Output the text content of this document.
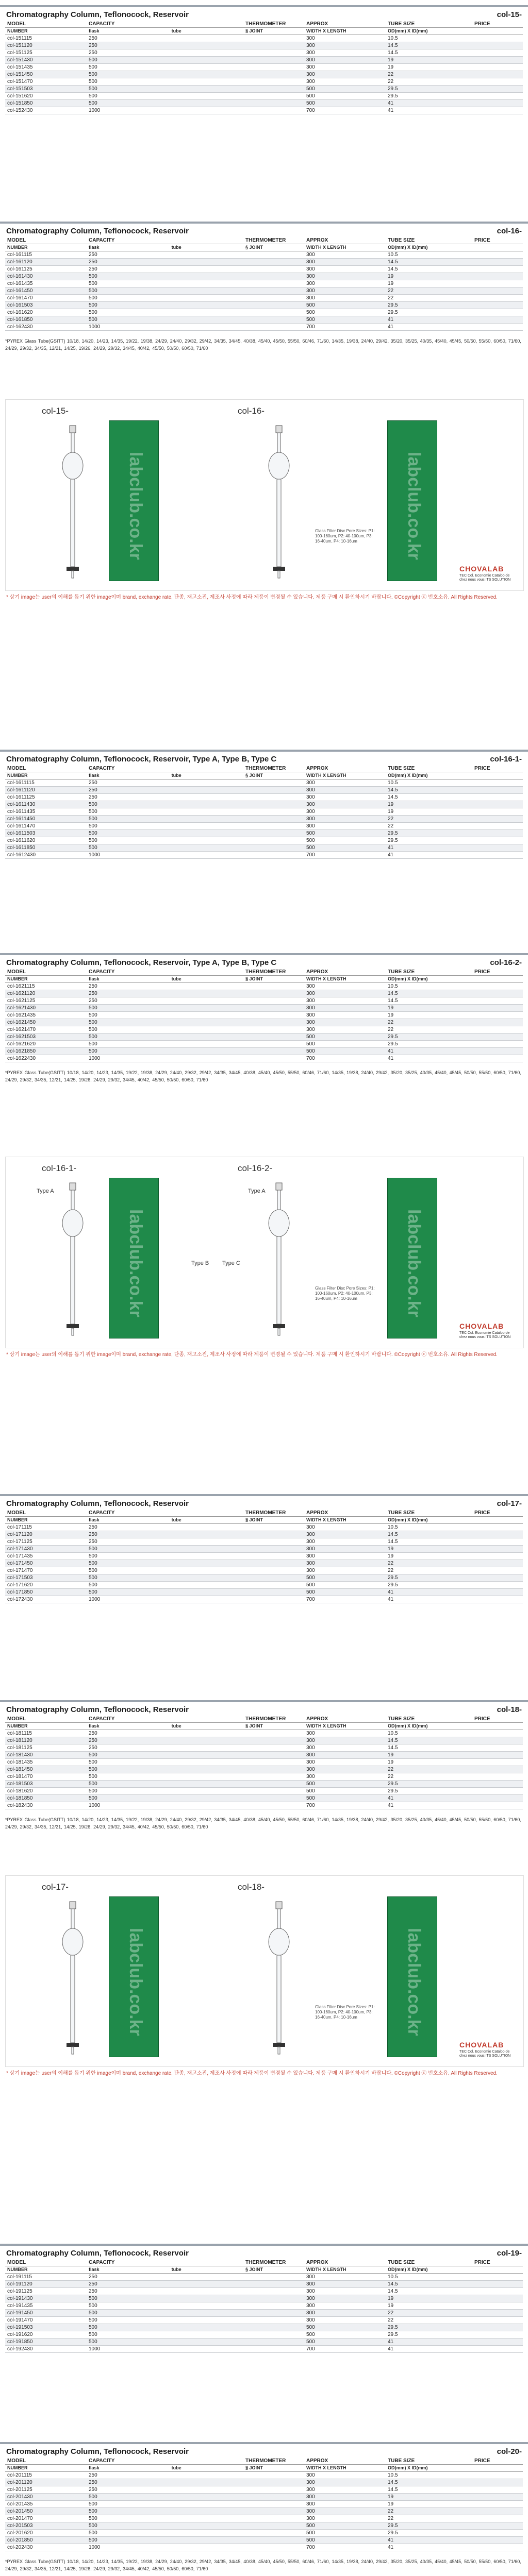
Chromatography Column, Teflonocock, Reservoir	col-15-
MODEL	CAPACITY		THERMOMETER	APPROX	TUBE SIZE	PRICE
NUMBER	flask	tube	§ JOINT	WIDTH X LENGTH	OD(mm) X ID(mm)	
col-151115	250			300	10.5	
col-151120	250			300	14.5	
col-151125	250			300	14.5	
col-151430	500			300	19	
col-151435	500			300	19	
col-151450	500			300	22	
col-151470	500			300	22	
col-151503	500			500	29.5	
col-151620	500			500	29.5	
col-151850	500			500	41	
col-152430	1000			700	41	
Chromatography Column, Teflonocock, Reservoir	col-16-
MODEL	CAPACITY		THERMOMETER	APPROX	TUBE SIZE	PRICE
NUMBER	flask	tube	§ JOINT	WIDTH X LENGTH	OD(mm) X ID(mm)	
col-161115	250			300	10.5	
col-161120	250			300	14.5	
col-161125	250			300	14.5	
col-161430	500			300	19	
col-161435	500			300	19	
col-161450	500			300	22	
col-161470	500			300	22	
col-161503	500			500	29.5	
col-161620	500			500	29.5	
col-161850	500			500	41	
col-162430	1000			700	41	
*PYREX Glass Tube(GSITT) 10/18, 14/20, 14/23, 14/35, 19/22, 19/38, 24/29, 24/40, 29/32, 29/42, 34/35, 34/45, 40/38, 45/40, 45/50, 55/50, 60/46, 71/60, 14/35, 19/38, 24/40, 29/42, 35/20, 35/25, 40/35, 45/40, 45/45, 50/50, 55/50, 60/50, 71/60, 24/29, 29/32, 34/35, 12/21, 14/25, 19/26, 24/29, 29/32, 34/45, 40/42, 45/50, 50/50, 60/50, 71/60
Chromatography Column, Teflonocock, Reservoir, Type A, Type B, Type C	col-16-1-
MODEL	CAPACITY		THERMOMETER	APPROX	TUBE SIZE	PRICE
NUMBER	flask	tube	§ JOINT	WIDTH X LENGTH	OD(mm) X ID(mm)	
col-1611115	250			300	10.5	
col-1611120	250			300	14.5	
col-1611125	250			300	14.5	
col-1611430	500			300	19	
col-1611435	500			300	19	
col-1611450	500			300	22	
col-1611470	500			300	22	
col-1611503	500			500	29.5	
col-1611620	500			500	29.5	
col-1611850	500			500	41	
col-1612430	1000			700	41	
Chromatography Column, Teflonocock, Reservoir, Type A, Type B, Type C	col-16-2-
MODEL	CAPACITY		THERMOMETER	APPROX	TUBE SIZE	PRICE
NUMBER	flask	tube	§ JOINT	WIDTH X LENGTH	OD(mm) X ID(mm)	
col-1621115	250			300	10.5	
col-1621120	250			300	14.5	
col-1621125	250			300	14.5	
col-1621430	500			300	19	
col-1621435	500			300	19	
col-1621450	500			300	22	
col-1621470	500			300	22	
col-1621503	500			500	29.5	
col-1621620	500			500	29.5	
col-1621850	500			500	41	
col-1622430	1000			700	41	
*PYREX Glass Tube(GSITT) 10/18, 14/20, 14/23, 14/35, 19/22, 19/38, 24/29, 24/40, 29/32, 29/42, 34/35, 34/45, 40/38, 45/40, 45/50, 55/50, 60/46, 71/60, 14/35, 19/38, 24/40, 29/42, 35/20, 35/25, 40/35, 45/40, 45/45, 50/50, 55/50, 60/50, 71/60, 24/29, 29/32, 34/35, 12/21, 14/25, 19/26, 24/29, 29/32, 34/45, 40/42, 45/50, 50/50, 60/50, 71/60
Chromatography Column, Teflonocock, Reservoir	col-17-
MODEL	CAPACITY		THERMOMETER	APPROX	TUBE SIZE	PRICE
NUMBER	flask	tube	§ JOINT	WIDTH X LENGTH	OD(mm) X ID(mm)	
col-171115	250			300	10.5	
col-171120	250			300	14.5	
col-171125	250			300	14.5	
col-171430	500			300	19	
col-171435	500			300	19	
col-171450	500			300	22	
col-171470	500			300	22	
col-171503	500			500	29.5	
col-171620	500			500	29.5	
col-171850	500			500	41	
col-172430	1000			700	41	
Chromatography Column, Teflonocock, Reservoir	col-18-
MODEL	CAPACITY		THERMOMETER	APPROX	TUBE SIZE	PRICE
NUMBER	flask	tube	§ JOINT	WIDTH X LENGTH	OD(mm) X ID(mm)	
col-181115	250			300	10.5	
col-181120	250			300	14.5	
col-181125	250			300	14.5	
col-181430	500			300	19	
col-181435	500			300	19	
col-181450	500			300	22	
col-181470	500			300	22	
col-181503	500			500	29.5	
col-181620	500			500	29.5	
col-181850	500			500	41	
col-182430	1000			700	41	
*PYREX Glass Tube(GSITT) 10/18, 14/20, 14/23, 14/35, 19/22, 19/38, 24/29, 24/40, 29/32, 29/42, 34/35, 34/45, 40/38, 45/40, 45/50, 55/50, 60/46, 71/60, 14/35, 19/38, 24/40, 29/42, 35/20, 35/25, 40/35, 45/40, 45/45, 50/50, 55/50, 60/50, 71/60, 24/29, 29/32, 34/35, 12/21, 14/25, 19/26, 24/29, 29/32, 34/45, 40/42, 45/50, 50/50, 60/50, 71/60
Chromatography Column, Teflonocock, Reservoir	col-19-
MODEL	CAPACITY		THERMOMETER	APPROX	TUBE SIZE	PRICE
NUMBER	flask	tube	§ JOINT	WIDTH X LENGTH	OD(mm) X ID(mm)	
col-191115	250			300	10.5	
col-191120	250			300	14.5	
col-191125	250			300	14.5	
col-191430	500			300	19	
col-191435	500			300	19	
col-191450	500			300	22	
col-191470	500			300	22	
col-191503	500			500	29.5	
col-191620	500			500	29.5	
col-191850	500			500	41	
col-192430	1000			700	41	
Chromatography Column, Teflonocock, Reservoir	col-20-
MODEL	CAPACITY		THERMOMETER	APPROX	TUBE SIZE	PRICE
NUMBER	flask	tube	§ JOINT	WIDTH X LENGTH	OD(mm) X ID(mm)	
col-201115	250			300	10.5	
col-201120	250			300	14.5	
col-201125	250			300	14.5	
col-201430	500			300	19	
col-201435	500			300	19	
col-201450	500			300	22	
col-201470	500			300	22	
col-201503	500			500	29.5	
col-201620	500			500	29.5	
col-201850	500			500	41	
col-202430	1000			700	41	
*PYREX Glass Tube(GSITT) 10/18, 14/20, 14/23, 14/35, 19/22, 19/38, 24/29, 24/40, 29/32, 29/42, 34/35, 34/45, 40/38, 45/40, 45/50, 55/50, 60/46, 71/60, 14/35, 19/38, 24/40, 29/42, 35/20, 35/25, 40/35, 45/40, 45/45, 50/50, 55/50, 60/50, 71/60, 24/29, 29/32, 34/35, 12/21, 14/25, 19/26, 24/29, 29/32, 34/45, 40/42, 45/50, 50/50, 60/50, 71/60
col-15-	col-16-
labclub.co.kr	labclub.co.kr
Glass Filter Disc Pore Sizes: P1: 100-160um, P2: 40-100um, P3: 16-40um, P4: 10-16um
CHOVALAB
TEC Col. Economie Cataloo de chez nous vous ITS SOLUTION
* 상기 image는 user의 이해를 돕기 위한 image이며 brand, exchange rate, 단종, 재고소진, 제조사 사정에 따라 제품이 변경될 수 있습니다. 제품 구매 시 환인하시기 바랍니다. ©Copyright ⓒ 번호소유. All Rights Reserved.
col-16-1-	col-16-2-
labclub.co.kr	labclub.co.kr
Glass Filter Disc Pore Sizes: P1: 100-160um, P2: 40-100um, P3: 16-40um, P4: 10-16um
CHOVALAB
TEC Col. Economie Cataloo de chez nous vous ITS SOLUTION
Type A	Type A
Type B Type C
* 상기 image는 user의 이해를 돕기 위한 image이며 brand, exchange rate, 단종, 재고소진, 제조사 사정에 따라 제품이 변경될 수 있습니다. 제품 구매 시 환인하시기 바랍니다. ©Copyright ⓒ 번호소유. All Rights Reserved.
col-17-	col-18-
labclub.co.kr	labclub.co.kr
Glass Filter Disc Pore Sizes: P1: 100-160um, P2: 40-100um, P3: 16-40um, P4: 10-16um
CHOVALAB
TEC Col. Economie Cataloo de chez nous vous ITS SOLUTION
* 상기 image는 user의 이해를 돕기 위한 image이며 brand, exchange rate, 단종, 재고소진, 제조사 사정에 따라 제품이 변경될 수 있습니다. 제품 구매 시 환인하시기 바랍니다. ©Copyright ⓒ 번호소유. All Rights Reserved.
